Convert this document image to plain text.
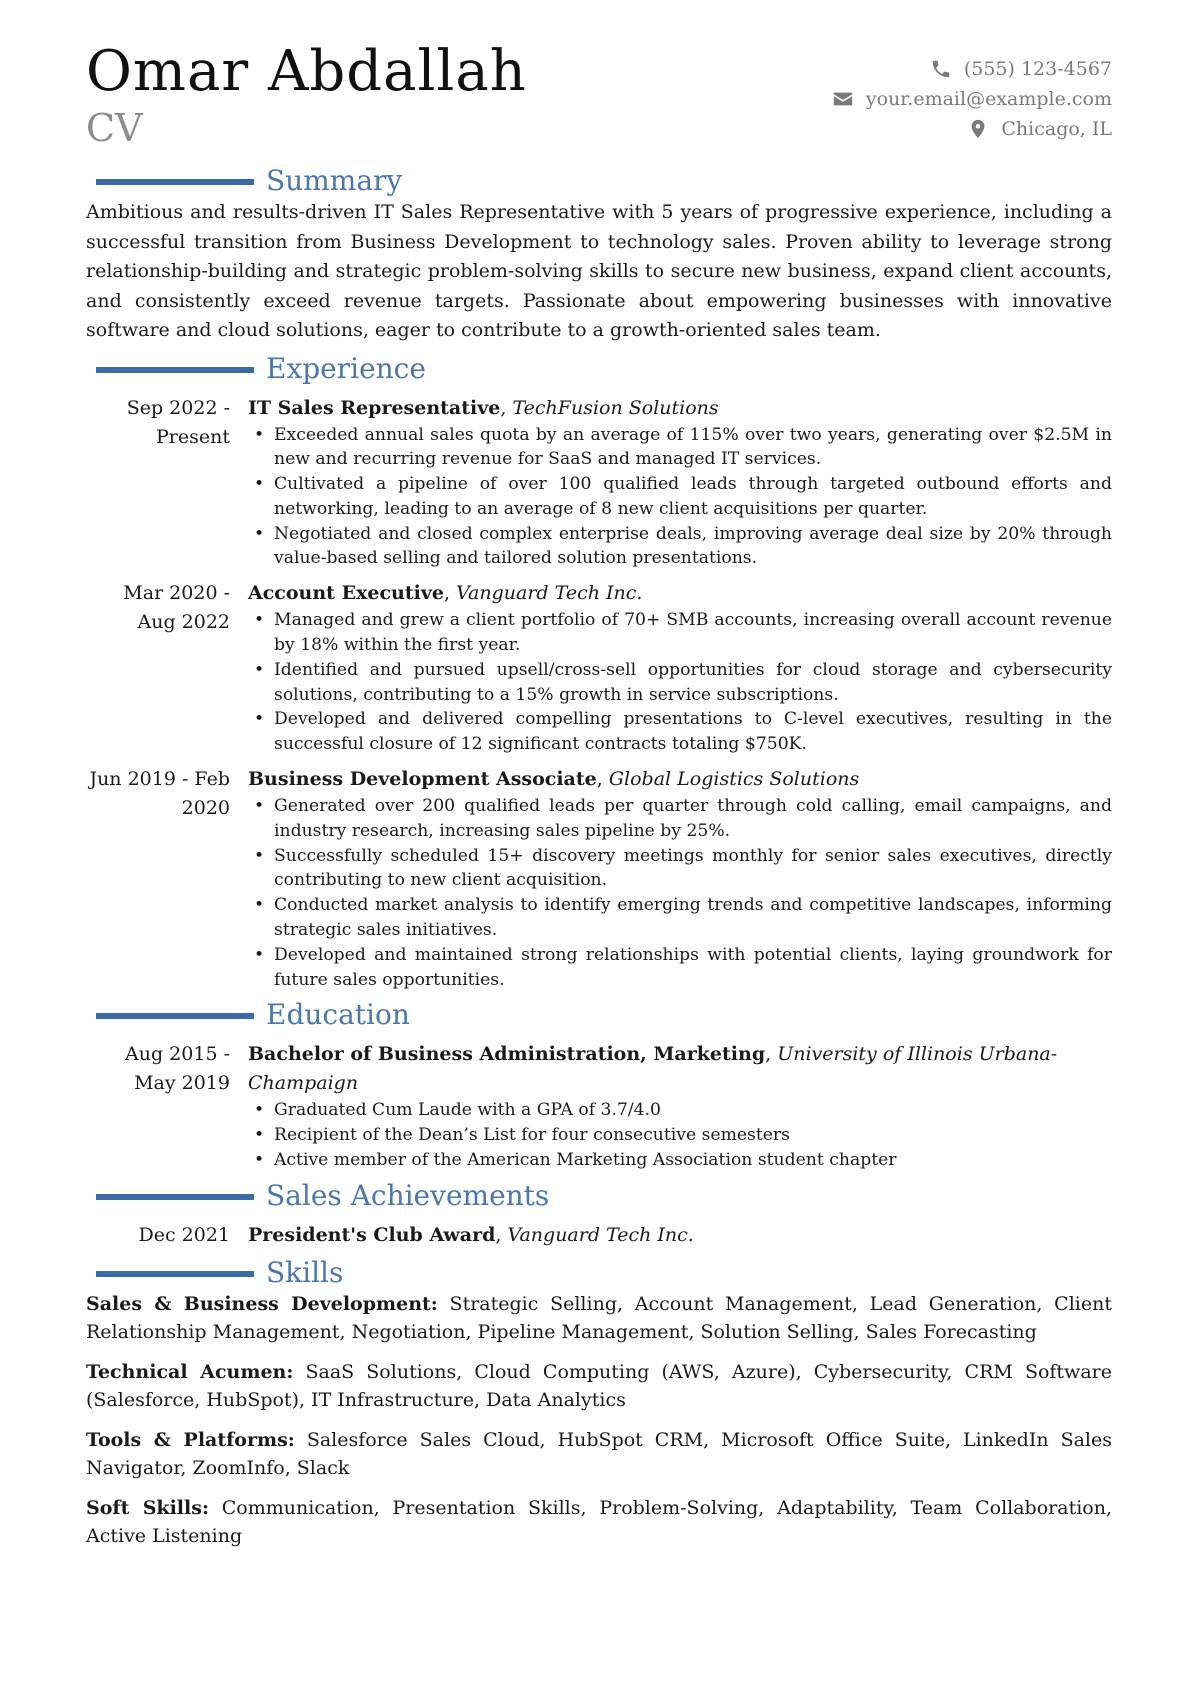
Omar Abdallah
CV
(555) 123-4567
your.email@example.com
Chicago, IL
Summary

Ambitious and results-driven IT Sales Representative with 5 years of progressive experience, including a successful transition from Business Development to technology sales. Proven ability to leverage strong relationship-building and strategic problem-solving skills to secure new business, expand client accounts, and consistently exceed revenue targets. Passionate about empowering businesses with innovative software and cloud solutions, eager to contribute to a growth-oriented sales team.

Experience
Sep 2022 - Present
IT Sales Representative, TechFusion Solutions
• Exceeded annual sales quota by an average of 115% over two years, generating over $2.5M in new and recurring revenue for SaaS and managed IT services.
• Cultivated a pipeline of over 100 qualified leads through targeted outbound efforts and networking, leading to an average of 8 new client acquisitions per quarter.
• Negotiated and closed complex enterprise deals, improving average deal size by 20% through value-based selling and tailored solution presentations.
Mar 2020 - Aug 2022
Account Executive, Vanguard Tech Inc.
• Managed and grew a client portfolio of 70+ SMB accounts, increasing overall account revenue by 18% within the first year.
• Identified and pursued upsell/cross-sell opportunities for cloud storage and cybersecurity solutions, contributing to a 15% growth in service subscriptions.
• Developed and delivered compelling presentations to C-level executives, resulting in the successful closure of 12 significant contracts totaling $750K.
Jun 2019 - Feb 2020
Business Development Associate, Global Logistics Solutions
• Generated over 200 qualified leads per quarter through cold calling, email campaigns, and industry research, increasing sales pipeline by 25%.
• Successfully scheduled 15+ discovery meetings monthly for senior sales executives, directly contributing to new client acquisition.
• Conducted market analysis to identify emerging trends and competitive landscapes, informing strategic sales initiatives.
• Developed and maintained strong relationships with potential clients, laying groundwork for future sales opportunities.
Education
Aug 2015 - May 2019
Bachelor of Business Administration, Marketing, University of Illinois Urbana-Champaign
• Graduated Cum Laude with a GPA of 3.7/4.0
• Recipient of the Dean’s List for four consecutive semesters
• Active member of the American Marketing Association student chapter
Sales Achievements
Dec 2021 President's Club Award, Vanguard Tech Inc.
Skills

Sales & Business Development: Strategic Selling, Account Management, Lead Generation, Client Relationship Management, Negotiation, Pipeline Management, Solution Selling, Sales Forecasting

Technical Acumen: SaaS Solutions, Cloud Computing (AWS, Azure), Cybersecurity, CRM Software (Salesforce, HubSpot), IT Infrastructure, Data Analytics

Tools & Platforms: Salesforce Sales Cloud, HubSpot CRM, Microsoft Office Suite, LinkedIn Sales Navigator, ZoomInfo, Slack

Soft Skills: Communication, Presentation Skills, Problem-Solving, Adaptability, Team Collaboration, Active Listening
